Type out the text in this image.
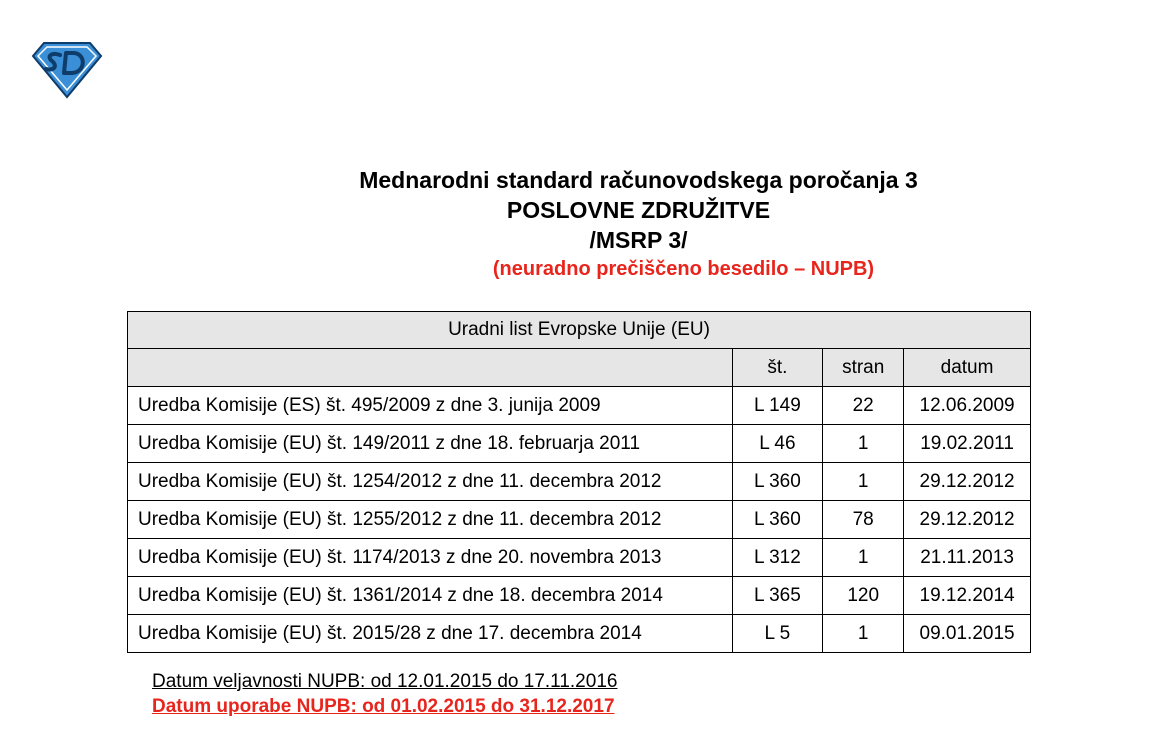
Mednarodni standard računovodskega poročanja 3

POSLOVNE ZDRUŽITVE

/MSRP 3/

(neuradno prečiščeno besedilo – NUPB)

Uradni list Evropske Unije (EU)			
	št.	stran	datum
Uredba Komisije (ES) št. 495/2009 z dne 3. junija 2009	L 149	22	12.06.2009
Uredba Komisije (EU) št. 149/2011 z dne 18. februarja 2011	L 46	1	19.02.2011
Uredba Komisije (EU) št. 1254/2012 z dne 11. decembra 2012	L 360	1	29.12.2012
Uredba Komisije (EU) št. 1255/2012 z dne 11. decembra 2012	L 360	78	29.12.2012
Uredba Komisije (EU) št. 1174/2013 z dne 20. novembra 2013	L 312	1	21.11.2013
Uredba Komisije (EU) št. 1361/2014 z dne 18. decembra 2014	L 365	120	19.12.2014
Uredba Komisije (EU) št. 2015/28 z dne 17. decembra 2014	L 5	1	09.01.2015
Datum veljavnosti NUPB: od 12.01.2015 do 17.11.2016
Datum uporabe NUPB: od 01.02.2015 do 31.12.2017
